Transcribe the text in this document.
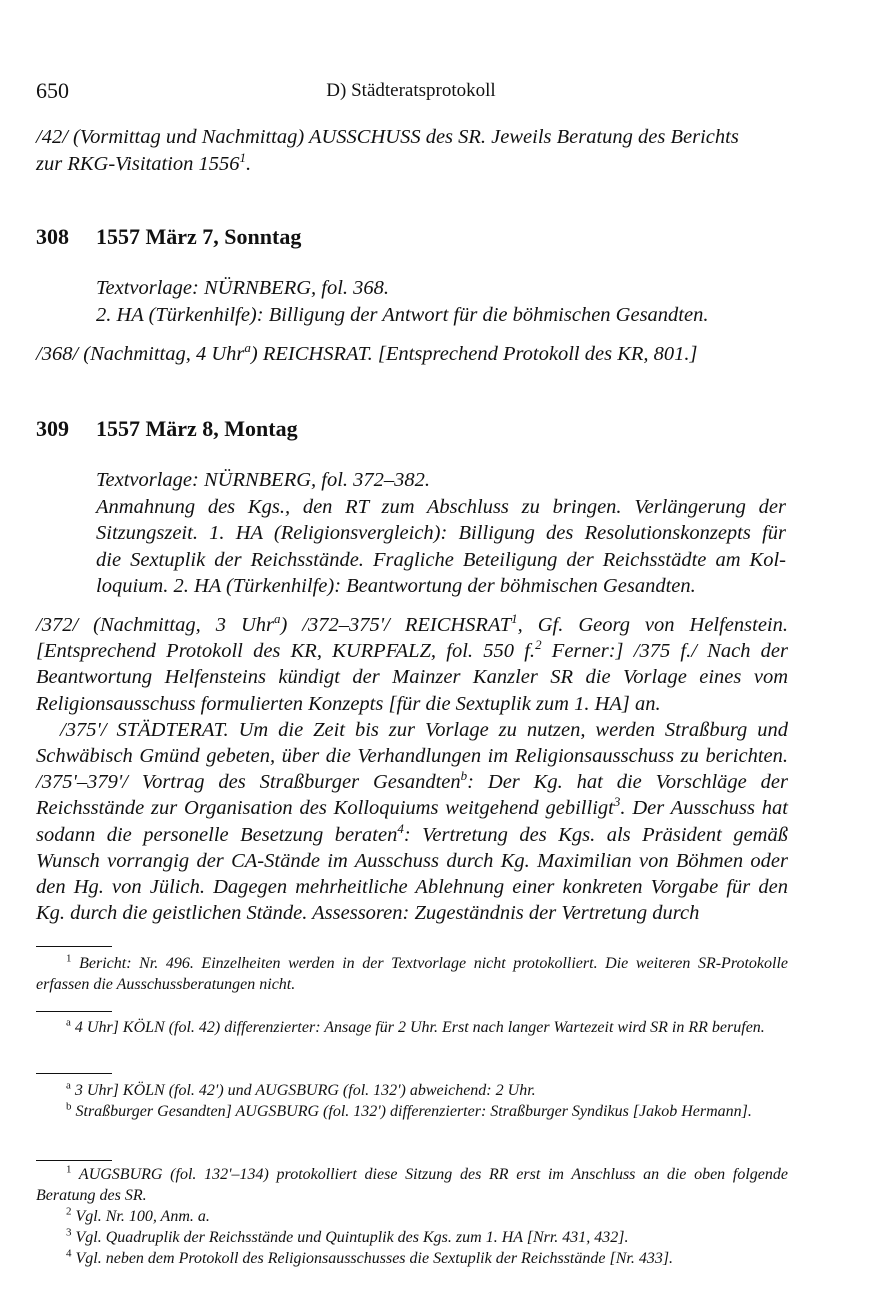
650	D) Städteratsprotokoll
/42/ (Vormittag und Nachmittag) AUSSCHUSS des SR. Jeweils Beratung des Berichts
zur RKG-Visitation 1556$^1$.
308 1557 März 7, Sonntag
Textvorlage: NÜRNBERG, fol. 368.
2. HA (Türkenhilfe): Billigung der Antwort für die böhmischen Gesandten.
/368/ (Nachmittag, 4 Uhr$^a$) REICHSRAT. [Entsprechend Protokoll des KR, 801.]
309 1557 März 8, Montag
Textvorlage: NÜRNBERG, fol. 372–382.
Anmahnung des Kgs., den RT zum Abschluss zu bringen. Verlängerung der
Sitzungszeit. 1. HA (Religionsvergleich): Billigung des Resolutionskonzepts für
die Sextuplik der Reichsstände. Fragliche Beteiligung der Reichsstädte am Kol-
loquium. 2. HA (Türkenhilfe): Beantwortung der böhmischen Gesandten.
/372/ (Nachmittag, 3 Uhr$^a$) /372–375'/ REICHSRAT$^1$, Gf. Georg von Helfenstein. [Entsprechend Protokoll des KR, KURPFALZ, fol. 550 f.$^2$ Ferner:] /375 f./ Nach der Beantwortung Helfensteins kündigt der Mainzer Kanzler SR die Vorlage eines vom Religionsausschuss formulierten Konzepts [für die Sextuplik zum 1. HA] an.
/375'/ STÄDTERAT. Um die Zeit bis zur Vorlage zu nutzen, werden Straßburg und Schwäbisch Gmünd gebeten, über die Verhandlungen im Religionsausschuss zu berichten. /375'–379'/ Vortrag des Straßburger Gesandten$^b$: Der Kg. hat die Vorschläge der Reichsstände zur Organisation des Kolloquiums weitgehend gebilligt$^3$. Der Ausschuss hat sodann die personelle Besetzung beraten$^4$: Vertretung des Kgs. als Präsident gemäß Wunsch vorrangig der CA-Stände im Ausschuss durch Kg. Maximilian von Böhmen oder den Hg. von Jülich. Dagegen mehrheitliche Ablehnung einer konkreten Vorgabe für den Kg. durch die geistlichen Stände. Assessoren: Zugeständnis der Vertretung durch

$^1$ Bericht: Nr. 496. Einzelheiten werden in der Textvorlage nicht protokolliert. Die weiteren SR-Protokolle erfassen die Ausschussberatungen nicht.

$^a$ 4 Uhr] KÖLN (fol. 42) differenzierter: Ansage für 2 Uhr. Erst nach langer Wartezeit wird SR in RR berufen.

$^a$ 3 Uhr] KÖLN (fol. 42') und AUGSBURG (fol. 132') abweichend: 2 Uhr.

$^b$ Straßburger Gesandten] AUGSBURG (fol. 132') differenzierter: Straßburger Syndikus [Jakob Hermann].

$^1$ AUGSBURG (fol. 132'–134) protokolliert diese Sitzung des RR erst im Anschluss an die oben folgende Beratung des SR.

$^2$ Vgl. Nr. 100, Anm. a.

$^3$ Vgl. Quadruplik der Reichsstände und Quintuplik des Kgs. zum 1. HA [Nrr. 431, 432].

$^4$ Vgl. neben dem Protokoll des Religionsausschusses die Sextuplik der Reichsstände [Nr. 433].
